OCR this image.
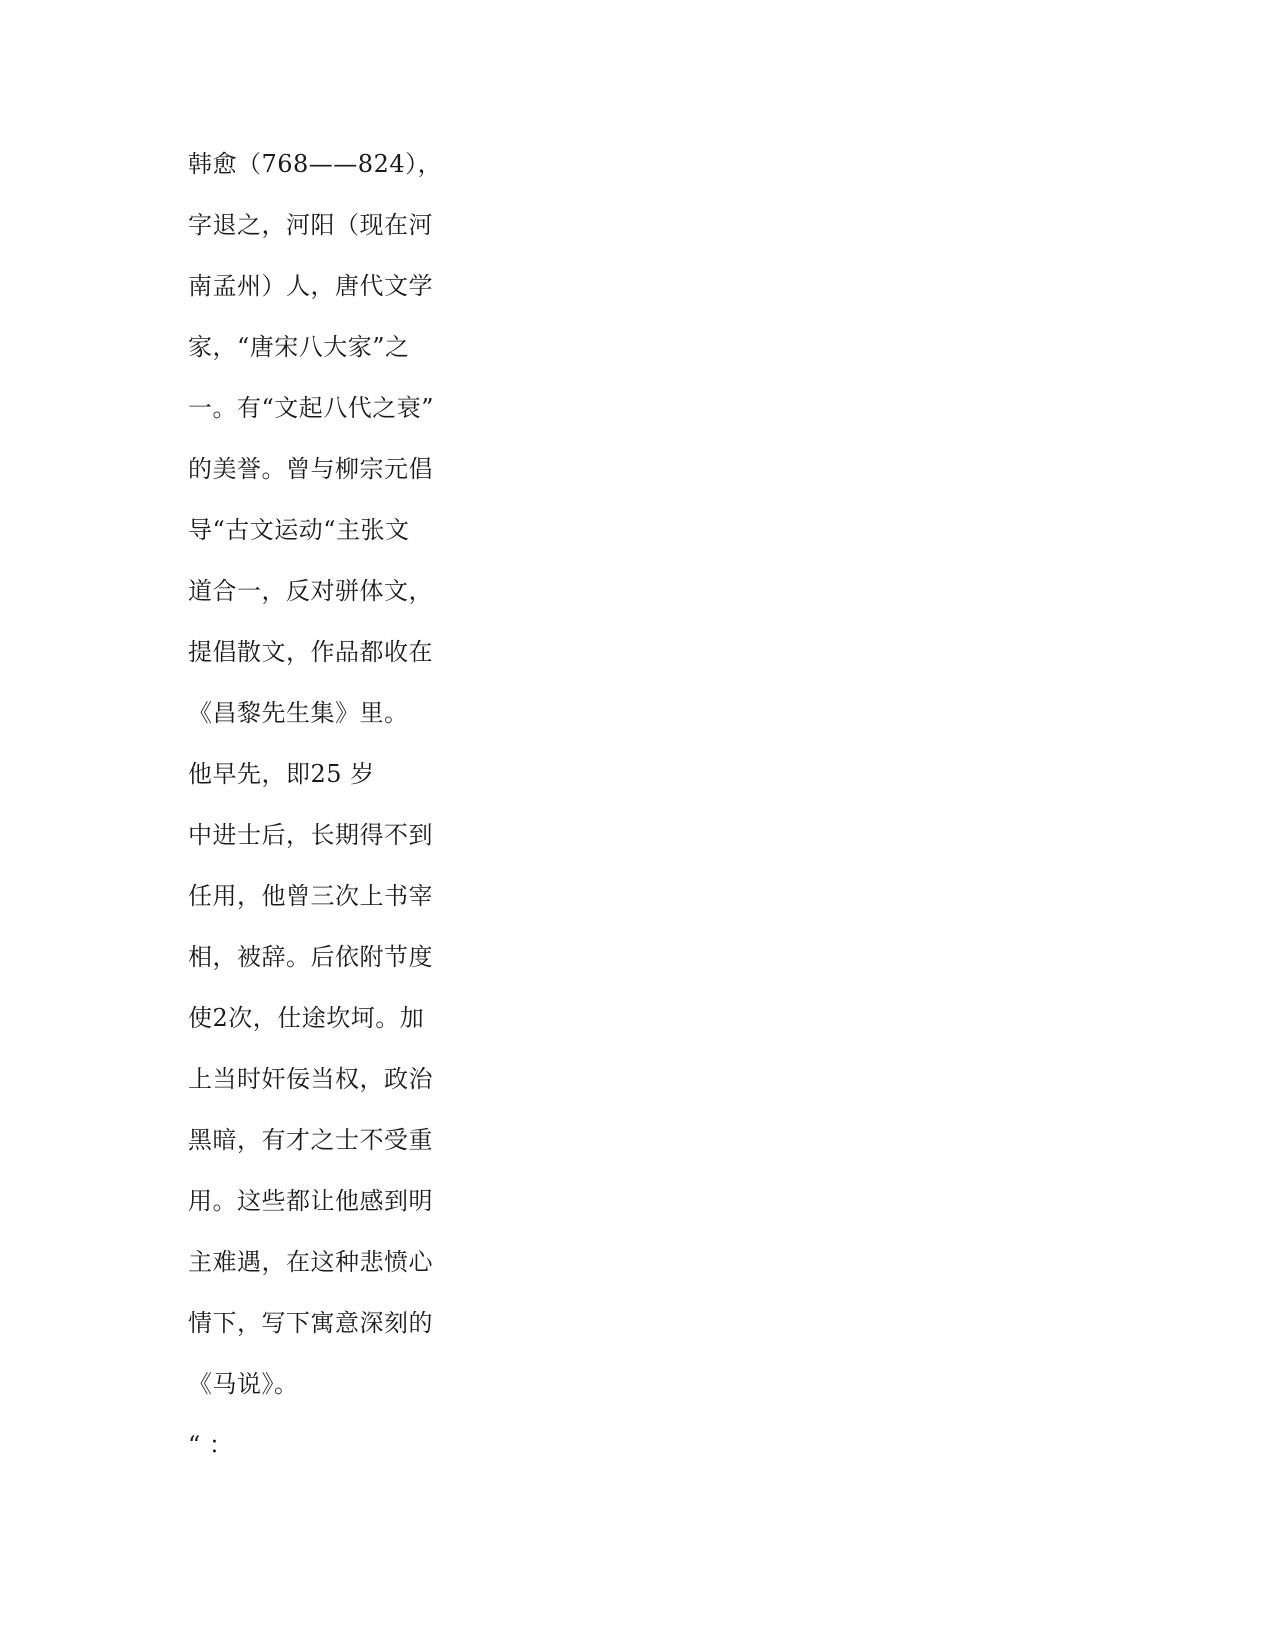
韩愈（768——824），
字退之，河阳（现在河
南孟州）人，唐代文学
家，“唐宋八大家”之
一。有“文起八代之衰”
的美誉。曾与柳宗元倡
导“古文运动“主张文
道合一，反对骈体文，
提倡散文，作品都收在
《昌黎先生集》里。
他早先，即25 岁
中进士后，长期得不到
任用，他曾三次上书宰
相，被辞。后依附节度
使2次，仕途坎坷。加
上当时奸佞当权，政治
黑暗，有才之士不受重
用。这些都让他感到明
主难遇，在这种悲愤心
情下，写下寓意深刻的
《马说》。
“ ：
